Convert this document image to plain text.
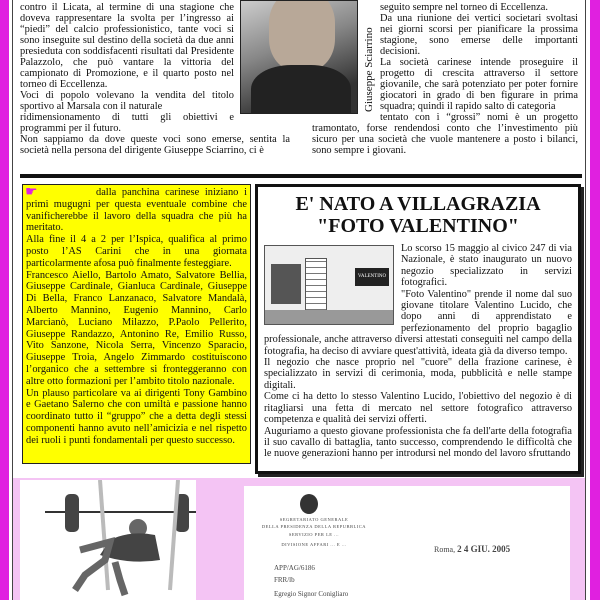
contro il Licata, al termine di una stagione che doveva rappresentare la svolta per l’ingresso ai “piedi” del calcio professionistico, tante voci si sono inseguite sul destino della società da due anni presieduta con soddisfacenti risultati dal Presidente Palazzolo, che può vantare la vittoria del campionato di Promozione, e il quarto posto nel torneo di Eccellenza.

Voci di popolo volevano la vendita del titolo sportivo al Marsala con il naturale

ridimensionamento di tutti gli obiettivi e programmi per il futuro.

Non sappiamo da dove queste voci sono emerse, sentita la società nella persona del dirigente Giuseppe Sciarrino, ci è

Giuseppe Sciarrino

seguito sempre nel torneo di Eccellenza.

Da una riunione dei vertici societari svoltasi nei giorni scorsi per pianificare la prossima stagione, sono emerse delle importanti decisioni.

La società carinese intende proseguire il progetto di crescita attraverso il settore giovanile, che sarà potenziato per poter fornire giocatori in grado di ben figurare in prima squadra; quindi il rapido salto di categoria

tentato con i “grossi” nomi è un progetto tramontato, forse rendendosi conto che l’investimento più sicuro per una società che vuole mantenere a posto i bilanci, sono sempre i giovani.

☛	dalla panchina carinese iniziano i primi mugugni per questa eventuale combine che vanificherebbe il lavoro della squadra che più ha meritato.

Alla fine il 4 a 2 per l’Ispica, qualifica al primo posto l’AS Carini che in una giornata particolarmente afosa può finalmente festeggiare.

Francesco Aiello, Bartolo Amato, Salvatore Bellia, Giuseppe Cardinale, Gianluca Cardinale, Giuseppe Di Bella, Franco Lanzanaco, Salvatore Mandalà, Alberto Mannino, Eugenio Mannino, Carlo Marcianò, Luciano Milazzo, P.Paolo Pellerito, Giuseppe Randazzo, Antonino Re, Emilio Russo, Vito Sanzone, Nicola Serra, Vincenzo Sparacio, Giuseppe Troia, Angelo Zimmardo costituiscono l’organico che a settembre si fronteggeranno con altre otto formazioni per l’ambito titolo nazionale.

Un plauso particolare va ai dirigenti Tony Gambino e Gaetano Salerno che con umiltà e passione hanno coordinato tutto il “gruppo” che a detta degli stessi componenti hanno avuto nell’amicizia e nel rispetto dei ruoli i punti fondamentali per questo successo.

E' NATO A VILLAGRAZIA
"FOTO VALENTINO"
VALENTINO

Lo scorso 15 maggio al civico 247 di via Nazionale, è stato inaugurato un nuovo negozio specializzato in servizi fotografici.

"Foto Valentino" prende il nome dal suo giovane titolare Valentino Lucido, che dopo anni di apprendistato e perfezionamento del proprio bagaglio professionale, anche attraverso diversi attestati conseguiti nel campo della fotografia, ha deciso di avviare quest'attività, ideata già da diverso tempo.

Il negozio che nasce proprio nel "cuore" della frazione carinese, è specializzato in servizi di cerimonia, moda, pubblicità e nelle stampe digitali.

Come ci ha detto lo stesso Valentino Lucido, l'obiettivo del negozio è di ritagliarsi una fetta di mercato nel settore fotografico attraverso competenza e qualità dei servizi offerti.

Auguriamo a questo giovane professionista che fa dell'arte della fotografia il suo cavallo di battaglia, tanto successo, comprendendo le difficoltà che le nuove generazioni hanno per introdursi nel mondo del lavoro sfruttando

SEGRETARIATO GENERALE
DELLA PRESIDENZA DELLA REPUBBLICA
SERVIZIO PER LE ...
DIVISIONE AFFARI ... E ...
Roma, 2 4 GIU. 2005
APP/AG/6186
FRR/lb
Egregio Signor Conigliaro
